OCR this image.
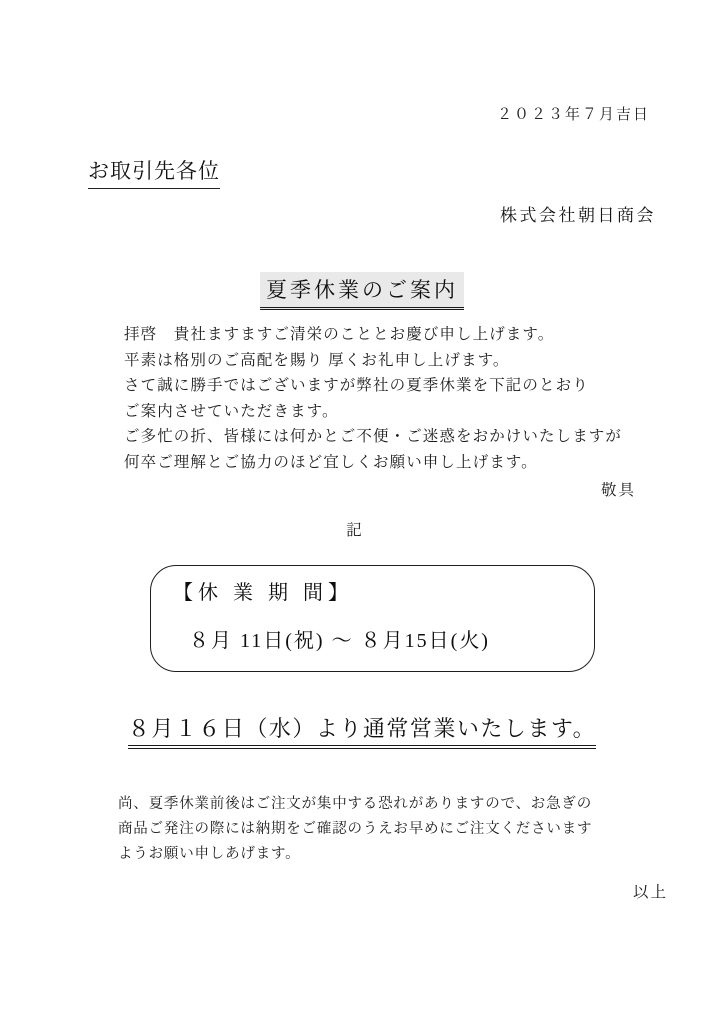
２０２３年７月吉日
お取引先各位
株式会社朝日商会
夏季休業のご案内
拝啓　貴社ますますご清栄のこととお慶び申し上げます。
平素は格別のご高配を賜り 厚くお礼申し上げます。
さて誠に勝手ではございますが弊社の夏季休業を下記のとおり
ご案内させていただきます。
ご多忙の折、皆様には何かとご不便・ご迷惑をおかけいたしますが
何卒ご理解とご協力のほど宜しくお願い申し上げます。
敬具
記
【休 業 期 間】
８月 11日(祝) ～ ８月15日(火)
８月１６日（水）より通常営業いたします。
尚、夏季休業前後はご注文が集中する恐れがありますので、お急ぎの
商品ご発注の際には納期をご確認のうえお早めにご注文くださいます
ようお願い申しあげます。
以上
